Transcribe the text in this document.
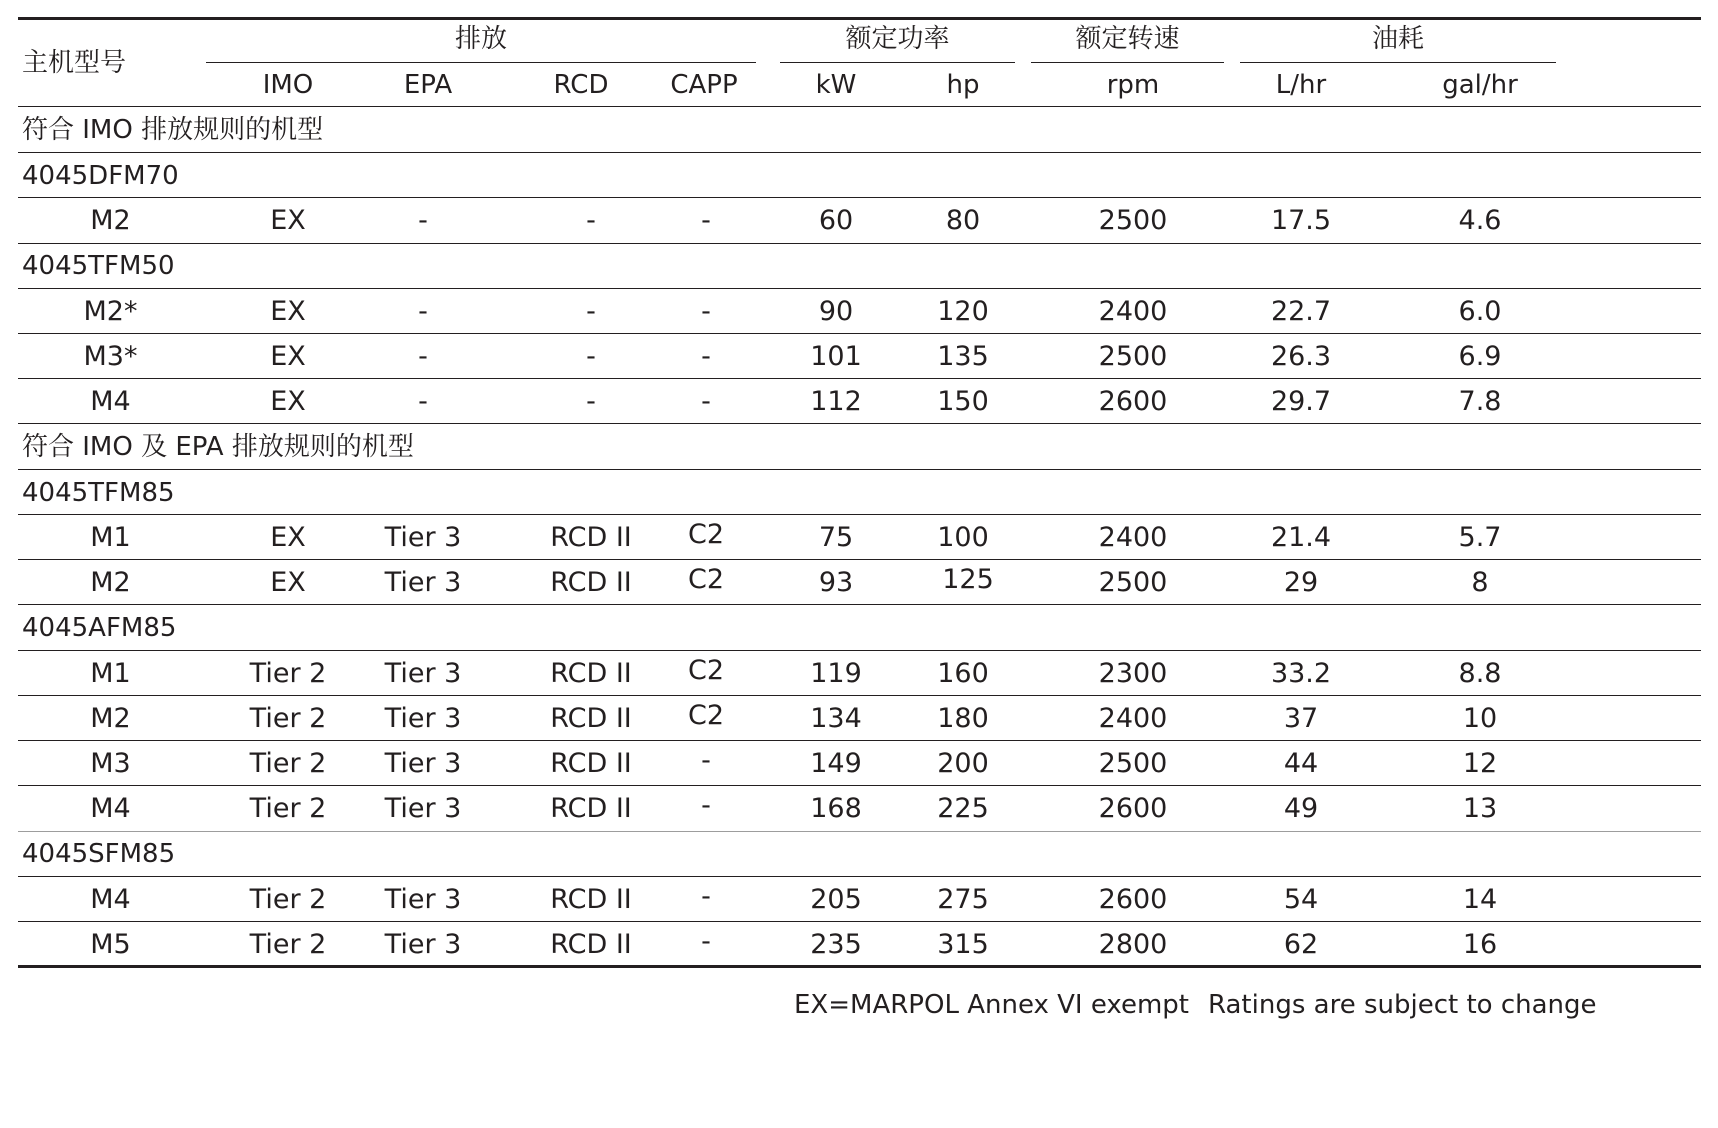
主机型号
排放	额定功率	额定转速	油耗
IMO	EPA	RCD	CAPP	kW	hp	rpm	L/hr	gal/hr
符合 IMO 排放规则的机型
4045DFM70
M2	EX	-	-	-	60	80	2500	17.5	4.6
4045TFM50
M2*	EX	-	-	-	90	120	2400	22.7	6.0
M3*	EX	-	-	-	101	135	2500	26.3	6.9
M4	EX	-	-	-	112	150	2600	29.7	7.8
符合 IMO 及 EPA 排放规则的机型
4045TFM85
M1	EX	Tier 3	RCD II	C2	75	100	2400	21.4	5.7
M2	EX	Tier 3	RCD II	C2	93	125	2500	29	8
4045AFM85
M1	Tier 2	Tier 3	RCD II	C2	119	160	2300	33.2	8.8
M2	Tier 2	Tier 3	RCD II	C2	134	180	2400	37	10
M3	Tier 2	Tier 3	RCD II	-	149	200	2500	44	12
M4	Tier 2	Tier 3	RCD II	-	168	225	2600	49	13
4045SFM85
M4	Tier 2	Tier 3	RCD II	-	205	275	2600	54	14
M5	Tier 2	Tier 3	RCD II	-	235	315	2800	62	16
EX=MARPOL Annex VI exempt Ratings are subject to change
